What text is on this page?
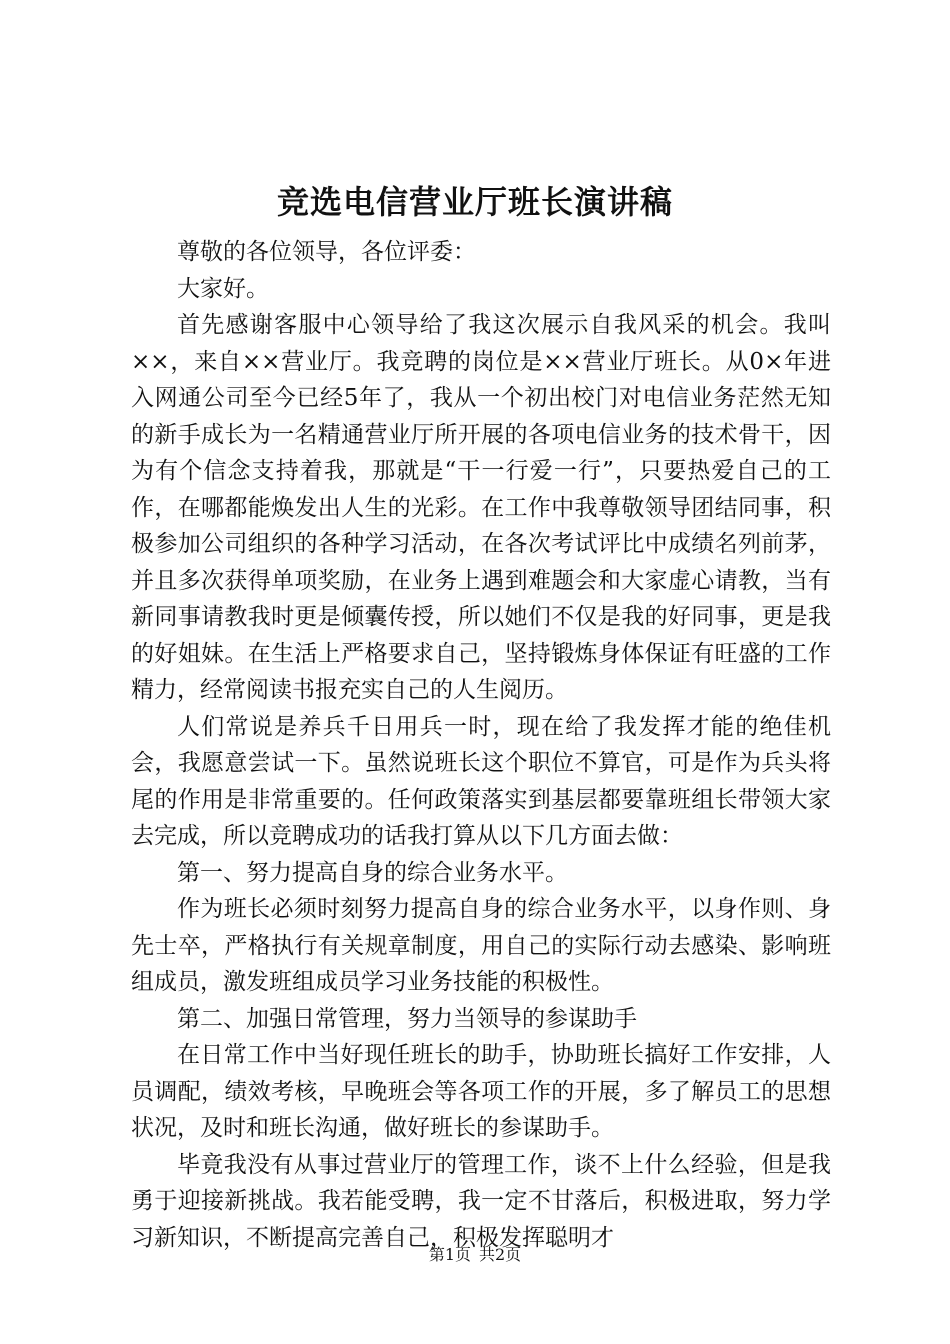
竞选电信营业厅班长演讲稿

尊敬的各位领导，各位评委：

大家好。

首先感谢客服中心领导给了我这次展示自我风采的机会。我叫××，来自××营业厅。我竞聘的岗位是××营业厅班长。从0×年进入网通公司至今已经5年了，我从一个初出校门对电信业务茫然无知的新手成长为一名精通营业厅所开展的各项电信业务的技术骨干，因为有个信念支持着我，那就是“干一行爱一行”，只要热爱自己的工作，在哪都能焕发出人生的光彩。在工作中我尊敬领导团结同事，积极参加公司组织的各种学习活动，在各次考试评比中成绩名列前茅，并且多次获得单项奖励，在业务上遇到难题会和大家虚心请教，当有新同事请教我时更是倾囊传授，所以她们不仅是我的好同事，更是我的好姐妹。在生活上严格要求自己，坚持锻炼身体保证有旺盛的工作精力，经常阅读书报充实自己的人生阅历。

人们常说是养兵千日用兵一时，现在给了我发挥才能的绝佳机会，我愿意尝试一下。虽然说班长这个职位不算官，可是作为兵头将尾的作用是非常重要的。任何政策落实到基层都要靠班组长带领大家去完成，所以竞聘成功的话我打算从以下几方面去做：

第一、努力提高自身的综合业务水平。

作为班长必须时刻努力提高自身的综合业务水平，以身作则、身先士卒，严格执行有关规章制度，用自己的实际行动去感染、影响班组成员，激发班组成员学习业务技能的积极性。

第二、加强日常管理，努力当领导的参谋助手

在日常工作中当好现任班长的助手，协助班长搞好工作安排，人员调配，绩效考核，早晚班会等各项工作的开展，多了解员工的思想状况，及时和班长沟通，做好班长的参谋助手。

毕竟我没有从事过营业厅的管理工作，谈不上什么经验，但是我勇于迎接新挑战。我若能受聘，我一定不甘落后，积极进取，努力学习新知识，不断提高完善自己，积极发挥聪明才

第1页 共2页
